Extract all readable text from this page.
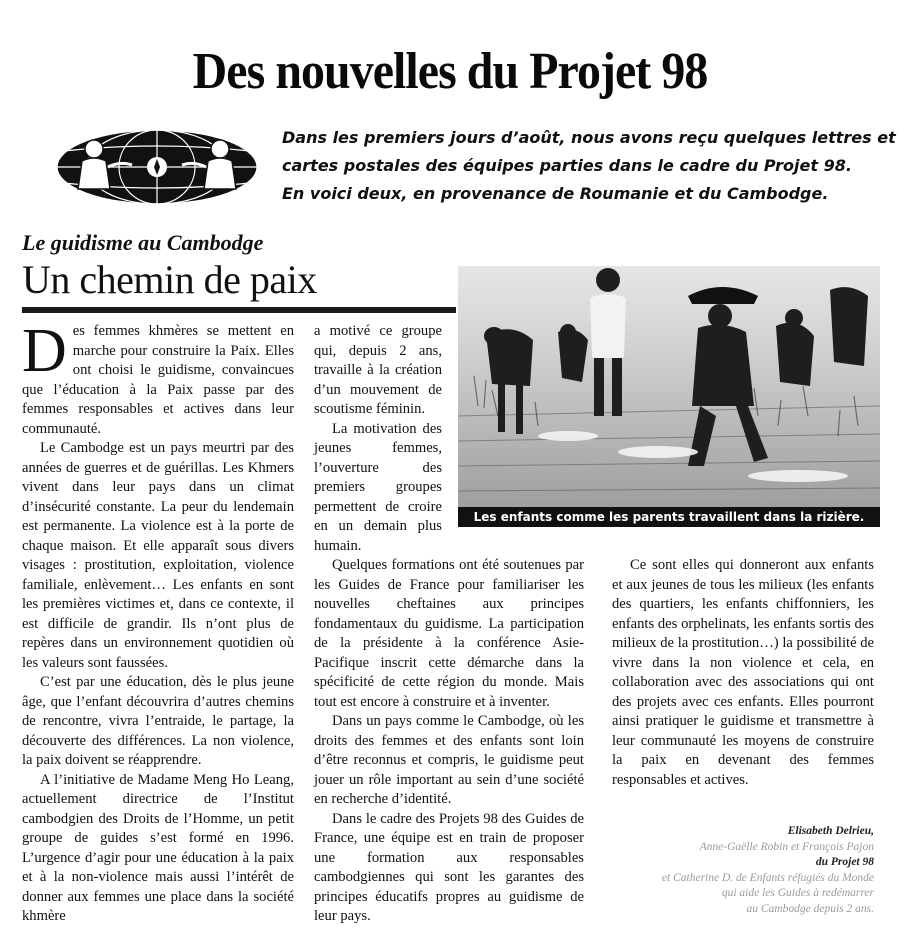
Des nouvelles du Projet 98

Dans les premiers jours d’août, nous avons reçu quelques lettres et

cartes postales des équipes parties dans le cadre du Projet 98.

En voici deux, en provenance de Roumanie et du Cambodge.

Le guidisme au Cambodge
Un chemin de paix
Les enfants comme les parents travaillent dans la rizière.

Des femmes khmères se mettent en marche pour construire la Paix. Elles ont choisi le guidisme, convaincues que l’éducation à la Paix passe par des femmes responsables et actives dans leur communauté.

Le Cambodge est un pays meurtri par des années de guerres et de guérillas. Les Khmers vivent dans leur pays dans un climat d’insécurité constante. La peur du lendemain est permanente. La violence est à la porte de chaque maison. Et elle apparaît sous divers visages : prostitution, exploitation, violence familiale, enlèvement… Les enfants en sont les premières victimes et, dans ce contexte, il est difficile de grandir. Ils n’ont plus de repères dans un environnement quotidien où les valeurs sont faussées.

C’est par une éducation, dès le plus jeune âge, que l’enfant découvrira d’autres chemins de rencontre, vivra l’entraide, le partage, la découverte des différences. La non violence, la paix doivent se réapprendre.

A l’initiative de Madame Meng Ho Leang, actuellement directrice de l’Institut cambodgien des Droits de l’Homme, un petit groupe de guides s’est formé en 1996. L’urgence d’agir pour une éducation à la paix et à la non-violence mais aussi l’intérêt de donner aux femmes une place dans la société khmère

a motivé ce groupe qui, depuis 2 ans, travaille à la création d’un mouvement de scoutisme féminin.

La motivation des jeunes femmes, l’ouverture des premiers groupes permettent de croire en un demain plus humain.

Quelques formations ont été soutenues par les Guides de France pour familiariser les nouvelles cheftaines aux principes fondamentaux du guidisme. La participation de la présidente à la conférence Asie-Pacifique inscrit cette démarche dans la spécificité de cette région du monde. Mais tout est encore à construire et à inventer.

Dans un pays comme le Cambodge, où les droits des femmes et des enfants sont loin d’être reconnus et compris, le guidisme peut jouer un rôle important au sein d’une société en recherche d’identité.

Dans le cadre des Projets 98 des Guides de France, une équipe est en train de proposer une formation aux responsables cambodgiennes qui sont les garantes des principes éducatifs propres au guidisme de leur pays.

Ce sont elles qui donneront aux enfants et aux jeunes de tous les milieux (les enfants des quartiers, les enfants chiffonniers, les enfants des orphelinats, les enfants sortis des milieux de la prostitution…) la possibilité de vivre dans la non violence et cela, en collaboration avec des associations qui ont des projets avec ces enfants. Elles pourront ainsi pratiquer le guidisme et transmettre à leur communauté les moyens de construire la paix en devenant des femmes responsables et actives.

Elisabeth Delrieu,
Anne-Gaëlle Robin et François Pajon
du Projet 98
et Catherine D. de Enfants réfugiés du Monde
qui aide les Guides à redémarrer
au Cambodge depuis 2 ans.
